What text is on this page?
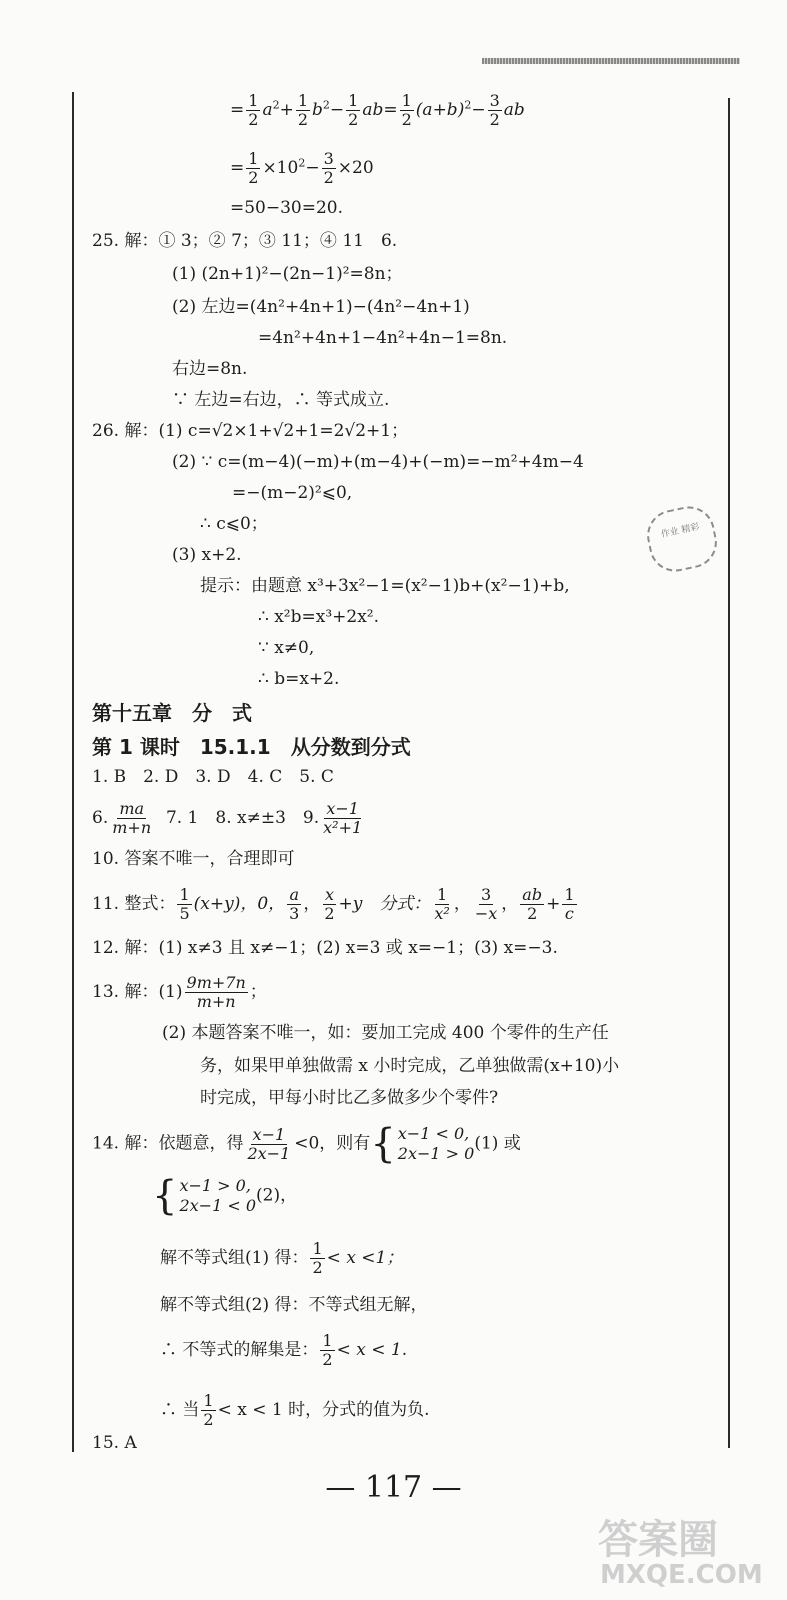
= $\frac{1}{2} a^2+ \frac{1}{2} b^2- \frac{1}{2} ab= \frac{1}{2} (a+b)^2- \frac{3}{2}$ ab
= $\frac{1}{2} \times 10^2- \frac{3}{2} \times 20$
=50−30=20.
25. 解：① 3；② 7；③ 11；④ 11　6.
(1) (2n+1)²−(2n−1)²=8n；
(2) 左边=(4n²+4n+1)−(4n²−4n+1)
=4n²+4n+1−4n²+4n−1=8n.
右边=8n.
∵ 左边=右边，∴ 等式成立.
26. 解：(1) c=√2×1+√2+1=2√2+1；
(2) ∵ c=(m−4)(−m)+(m−4)+(−m)=−m²+4m−4
=−(m−2)²⩽0,
∴ c⩽0；
(3) x+2.
提示：由题意 x³+3x²−1=(x²−1)b+(x²−1)+b,
∴ x²b=x³+2x².
∵ x≠0,
∴ b=x+2.

作业 精彩
第十五章　分　式
第 1 课时　15.1.1　从分数到分式
1. B　2. D　3. D　4. C　5. C
6. $\frac{ma}{m+n} 7$. 1　8. x≠±3　9. $\frac{x-1}{\text{x²+1}}$
10. 答案不唯一，合理即可
11. 整式： $\frac{1}{5} (x+y)$，0， $\frac{a}{3}$ ， $\frac{x}{2} +y$　分式： $\frac{1}{\text{x²}}$ ， $\frac{3}{-x}$ ， $\frac{ab}{2} + \frac{1}{c}$
12. 解：(1) x≠3 且 x≠−1；(2) x=3 或 x=−1；(3) x=−3.
13. 解：$(1) \frac{9m+7n}{m+n}$ ；
(2) 本题答案不唯一，如：要加工完成 400 个零件的生产任
务，如果甲单独做需 x 小时完成，乙单独做需(x+10)小
时完成，甲每小时比乙多做多少个零件?
14. 解：依题意，得 $\frac{x-1}{2x-1} <0$，则有 { x−1 < 0,
2x−1 > 0 (1) 或
{ x−1 > 0,
2x−1 < 0 (2)，
解不等式组(1) 得： $\frac{1}{2} < x <1$；
解不等式组(2) 得：不等式组无解，
∴ 不等式的解集是： $\frac{1}{2} < x < 1$.
∴ 当 $\frac{1}{2} < x < 1$ 时，分式的值为负.
15. A
— 117 —
答案圈
MXQE.COM
